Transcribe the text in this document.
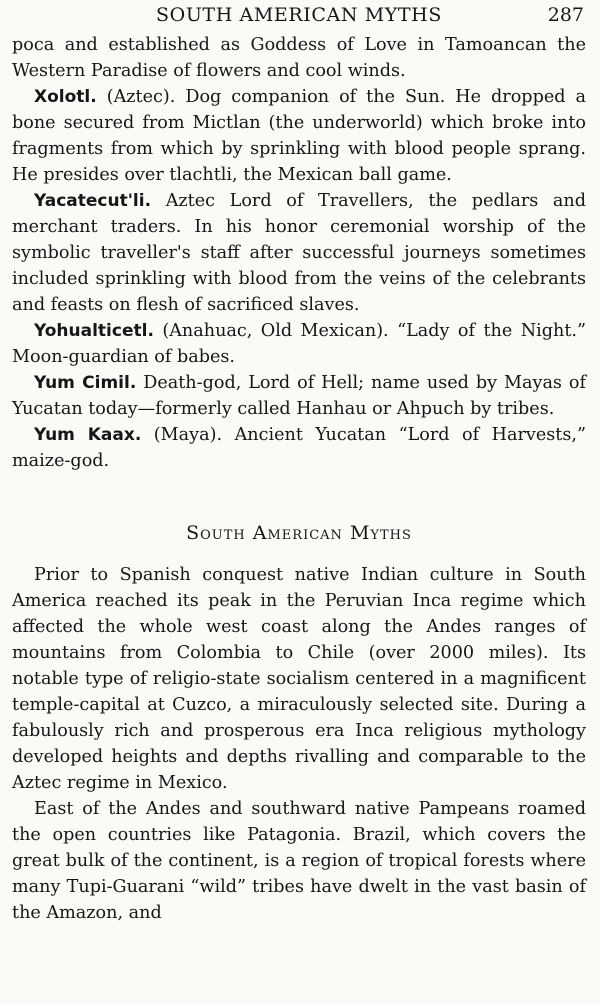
SOUTH AMERICAN MYTHS	287

poca and established as Goddess of Love in Tamoancan the Western Paradise of flowers and cool winds.

Xolotl. (Aztec). Dog companion of the Sun. He dropped a bone secured from Mictlan (the underworld) which broke into fragments from which by sprinkling with blood people sprang. He presides over tlachtli, the Mexican ball game.

Yacatecut'li. Aztec Lord of Travellers, the pedlars and merchant traders. In his honor ceremonial worship of the symbolic traveller's staff after successful journeys sometimes included sprinkling with blood from the veins of the celebrants and feasts on flesh of sacrificed slaves.

Yohualticetl. (Anahuac, Old Mexican). “Lady of the Night.” Moon-guardian of babes.

Yum Cimil. Death-god, Lord of Hell; name used by Mayas of Yucatan today—formerly called Hanhau or Ahpuch by tribes.

Yum Kaax. (Maya). Ancient Yucatan “Lord of Harvests,” maize-god.

South American Myths

Prior to Spanish conquest native Indian culture in South America reached its peak in the Peruvian Inca regime which affected the whole west coast along the Andes ranges of mountains from Colombia to Chile (over 2000 miles). Its notable type of religio-state socialism centered in a magnificent temple-capital at Cuzco, a miraculously selected site. During a fabulously rich and prosperous era Inca religious mythology developed heights and depths rivalling and comparable to the Aztec regime in Mexico.

East of the Andes and southward native Pampeans roamed the open countries like Patagonia. Brazil, which covers the great bulk of the continent, is a region of tropical forests where many Tupi-Guarani “wild” tribes have dwelt in the vast basin of the Amazon, and
